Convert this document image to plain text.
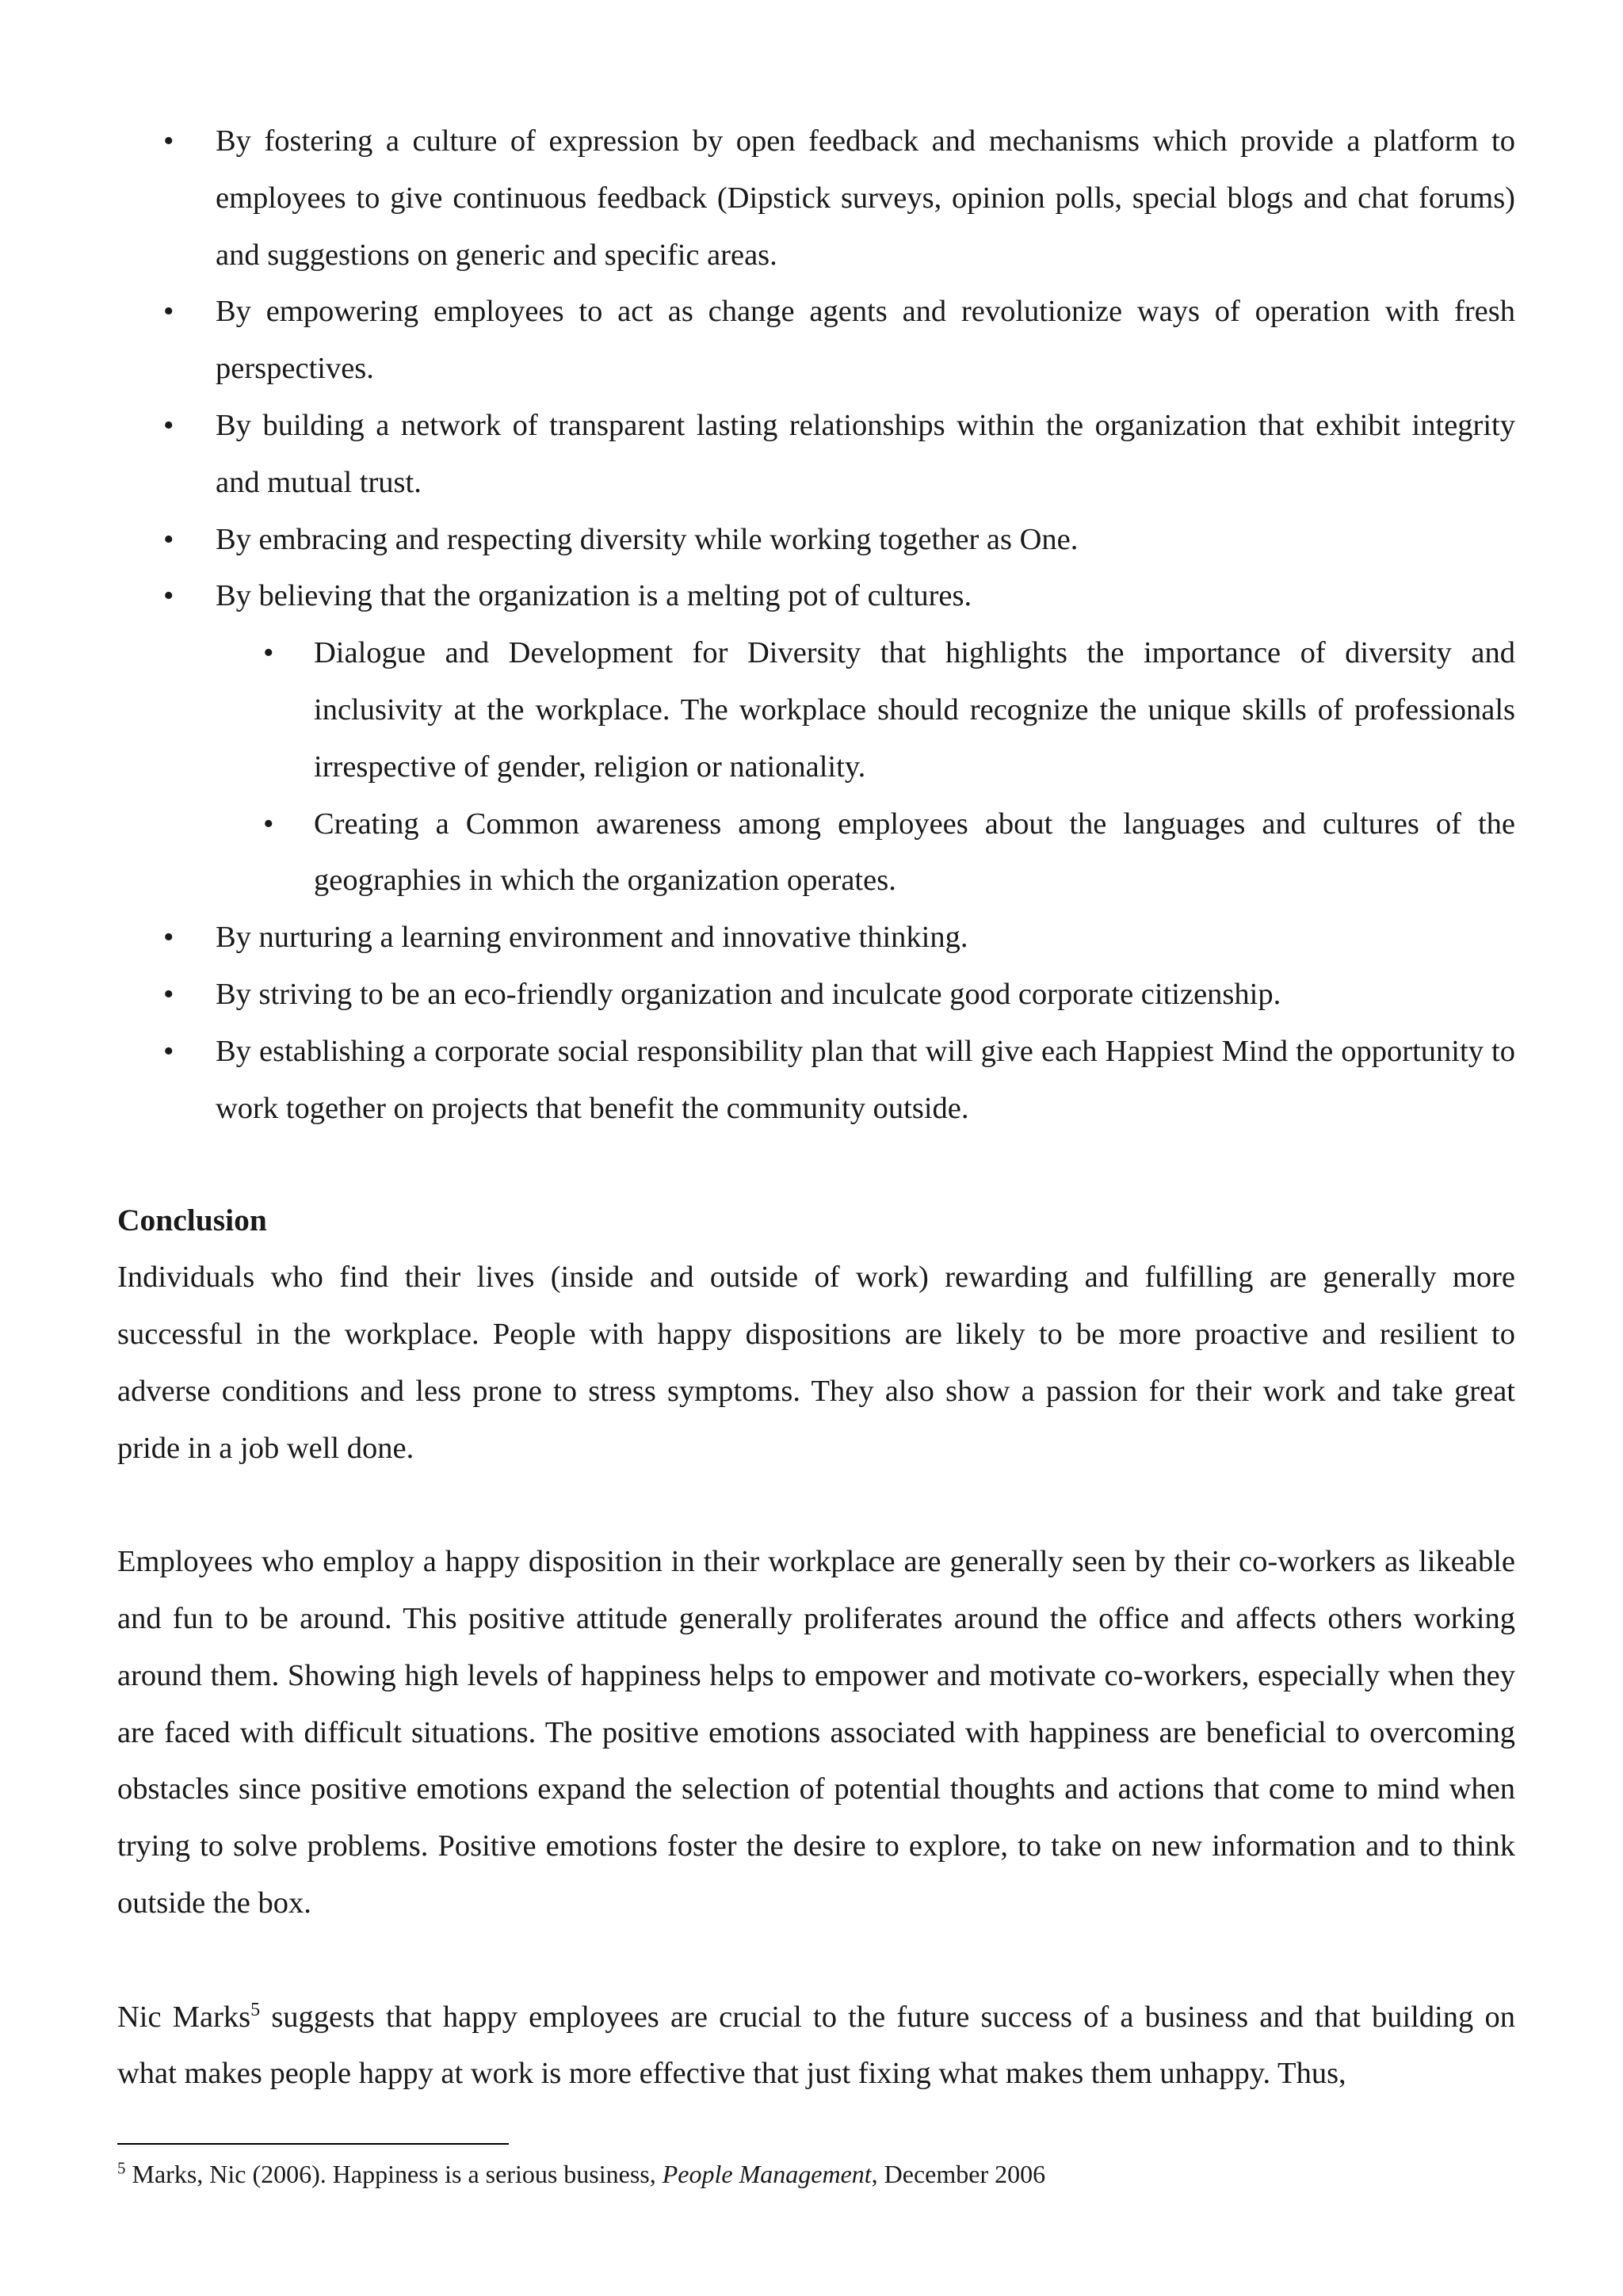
• By fostering a culture of expression by open feedback and mechanisms which provide a platform to employees to give continuous feedback (Dipstick surveys, opinion polls, special blogs and chat forums) and suggestions on generic and specific areas.
• By empowering employees to act as change agents and revolutionize ways of operation with fresh perspectives.
• By building a network of transparent lasting relationships within the organization that exhibit integrity and mutual trust.
• By embracing and respecting diversity while working together as One.
• By believing that the organization is a melting pot of cultures.
• Dialogue and Development for Diversity that highlights the importance of diversity and inclusivity at the workplace. The workplace should recognize the unique skills of professionals irrespective of gender, religion or nationality.
• Creating a Common awareness among employees about the languages and cultures of the geographies in which the organization operates.
• By nurturing a learning environment and innovative thinking.
• By striving to be an eco-friendly organization and inculcate good corporate citizenship.
• By establishing a corporate social responsibility plan that will give each Happiest Mind the opportunity to work together on projects that benefit the community outside.
Conclusion

Individuals who find their lives (inside and outside of work) rewarding and fulfilling are generally more successful in the workplace. People with happy dispositions are likely to be more proactive and resilient to adverse conditions and less prone to stress symptoms. They also show a passion for their work and take great pride in a job well done.

Employees who employ a happy disposition in their workplace are generally seen by their co-workers as likeable and fun to be around. This positive attitude generally proliferates around the office and affects others working around them. Showing high levels of happiness helps to empower and motivate co-workers, especially when they are faced with difficult situations. The positive emotions associated with happiness are beneficial to overcoming obstacles since positive emotions expand the selection of potential thoughts and actions that come to mind when trying to solve problems. Positive emotions foster the desire to explore, to take on new information and to think outside the box.

Nic Marks$^5$ suggests that happy employees are crucial to the future success of a business and that building on what makes people happy at work is more effective that just fixing what makes them unhappy. Thus,

$^5$ Marks, Nic (2006). Happiness is a serious business, People Management, December 2006
